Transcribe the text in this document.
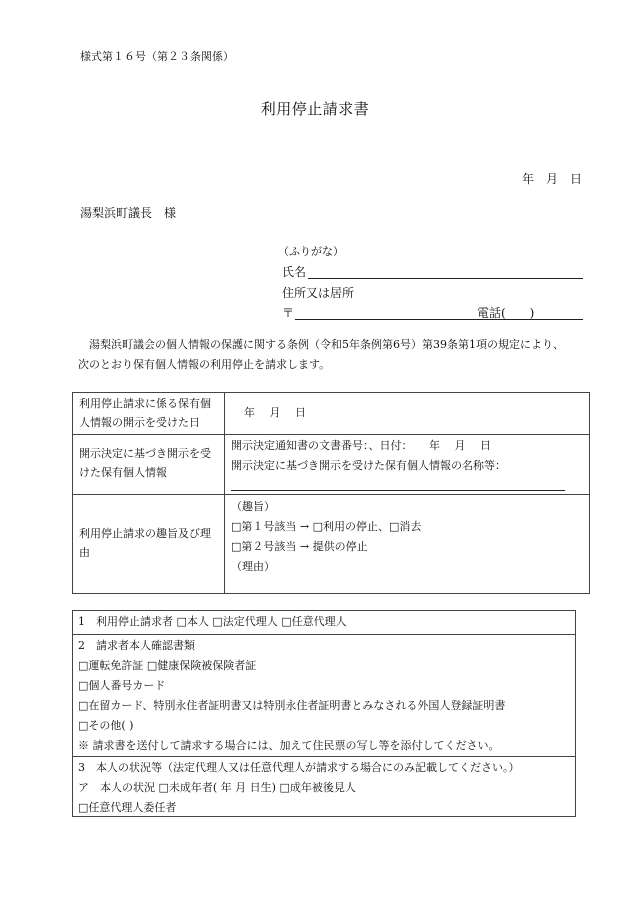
様式第１６号（第２３条関係）
利用停止請求書
年　月　日
湯梨浜町議長　様
（ふりがな）
氏名
住所又は居所
〒	電話(　　)
　湯梨浜町議会の個人情報の保護に関する条例（令和5年条例第6号）第39条第1項の規定により、
次のとおり保有個人情報の利用停止を請求します。
利用停止請求に係る保有個
人情報の開示を受けた日
年　 月　 日
開示決定に基づき開示を受
けた保有個人情報
開示決定通知書の文書番号：、日付：　　年　 月　 日
開示決定に基づき開示を受けた保有個人情報の名称等：
利用停止請求の趣旨及び理
由
（趣旨）
□第１号該当 → □利用の停止、□消去
□第２号該当 → 提供の停止
（理由）
1　利用停止請求者 □本人 □法定代理人 □任意代理人
2　請求者本人確認書類
□運転免許証 □健康保険被保険者証
□個人番号カード
□在留カード、特別永住者証明書又は特別永住者証明書とみなされる外国人登録証明書
□その他( )
※ 請求書を送付して請求する場合には、加えて住民票の写し等を添付してください。
3　本人の状況等（法定代理人又は任意代理人が請求する場合にのみ記載してください。）
ア　本人の状況 □未成年者( 年 月 日生) □成年被後見人
□任意代理人委任者
